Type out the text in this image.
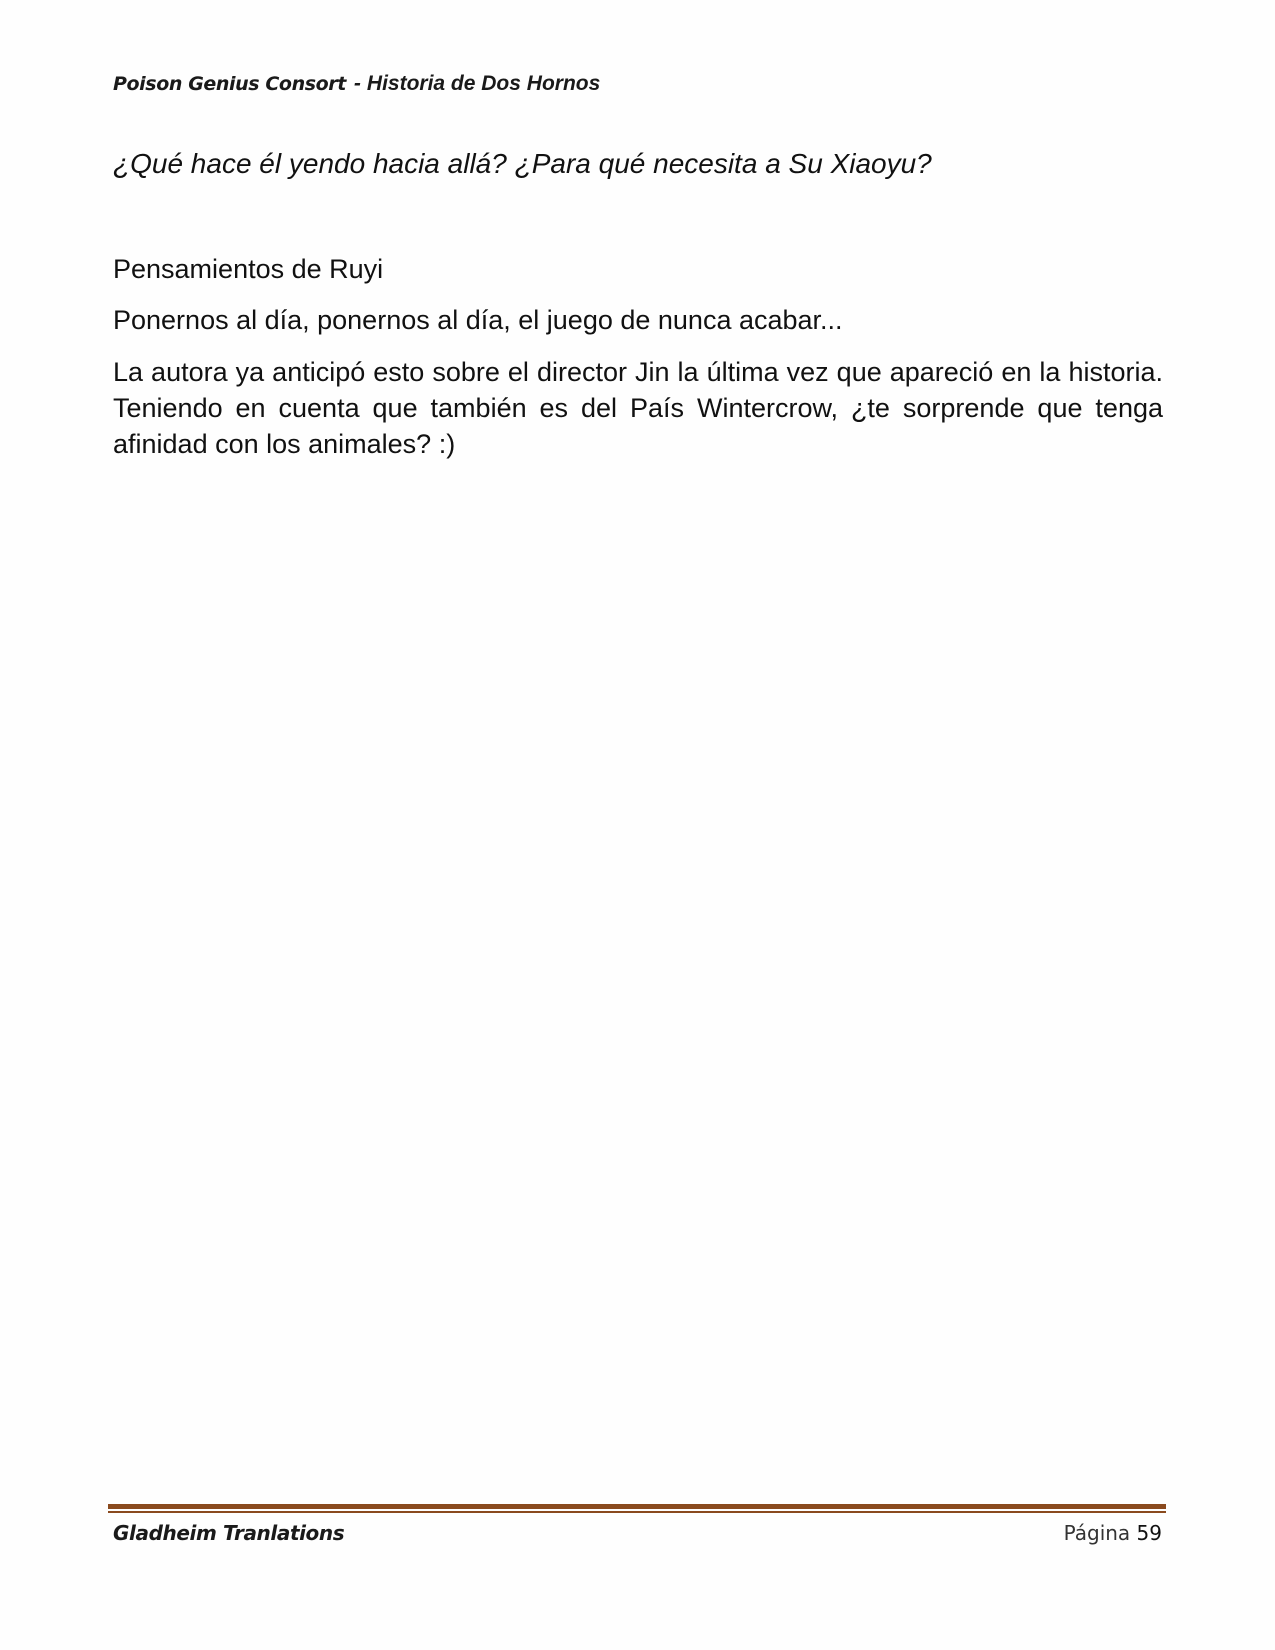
Poison Genius Consort - Historia de Dos Hornos

¿Qué hace él yendo hacia allá? ¿Para qué necesita a Su Xiaoyu?

Pensamientos de Ruyi

Ponernos al día, ponernos al día, el juego de nunca acabar...

La autora ya anticipó esto sobre el director Jin la última vez que apareció en la historia. Teniendo en cuenta que también es del País Wintercrow, ¿te sorprende que tenga afinidad con los animales? :)

Gladheim Tranlations	Página 59
